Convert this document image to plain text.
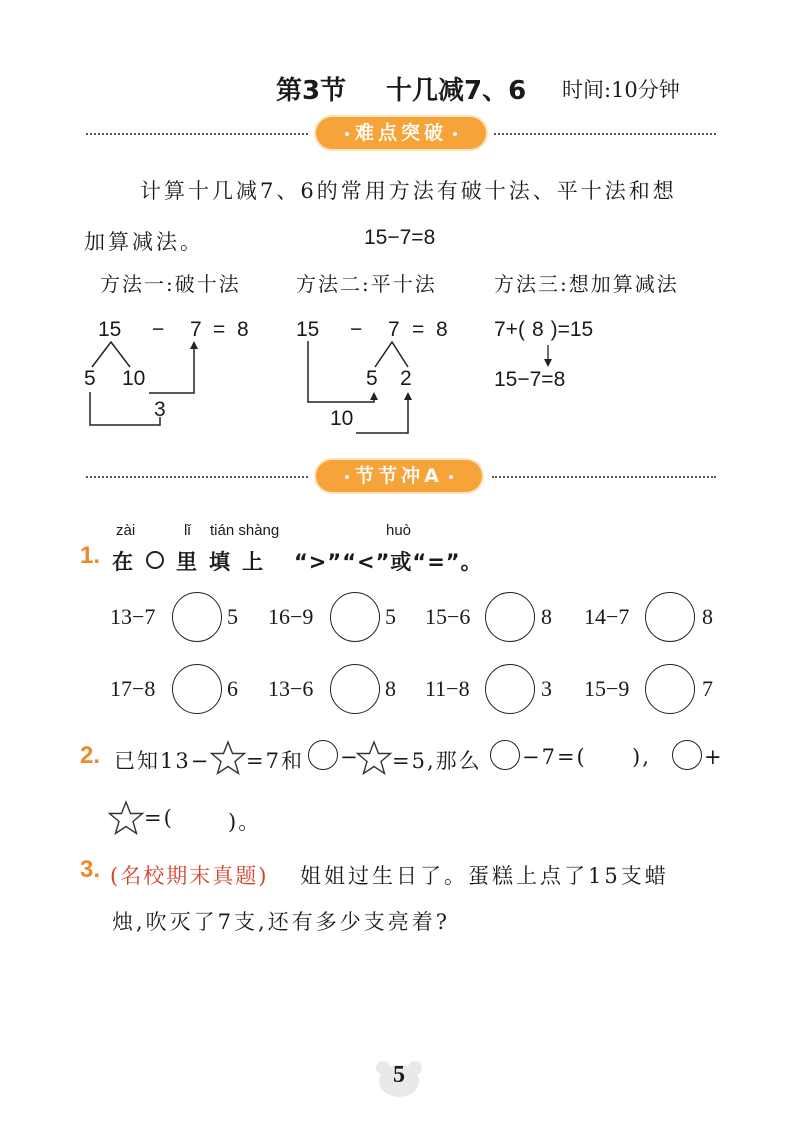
第3节 十几减7、6 时间:10分钟
难点突破
计算十几减7、6的常用方法有破十法、平十法和想
加算减法。	15−7=8
方法一:破十法	方法二:平十法	方法三:想加算减法
15 − 7 = 8
5 10
3
15 − 7 = 8
5 2
10
7+( 8 )=15
15−7=8
节节冲A
zài	lǐ tián shàng	huò
1. 在 里填上 “>”“<”或“=”。
13−7	5 16−9	5 15−6	8 14−7	8
17−8	6 13−6	8 11−8	3 15−9	7
2. 已知13− =7和 − =5,那么 −7=( ),	+
=(	)。
3. (名校期末真题) 姐姐过生日了。蛋糕上点了15支蜡
烛,吹灭了7支,还有多少支亮着?
5
